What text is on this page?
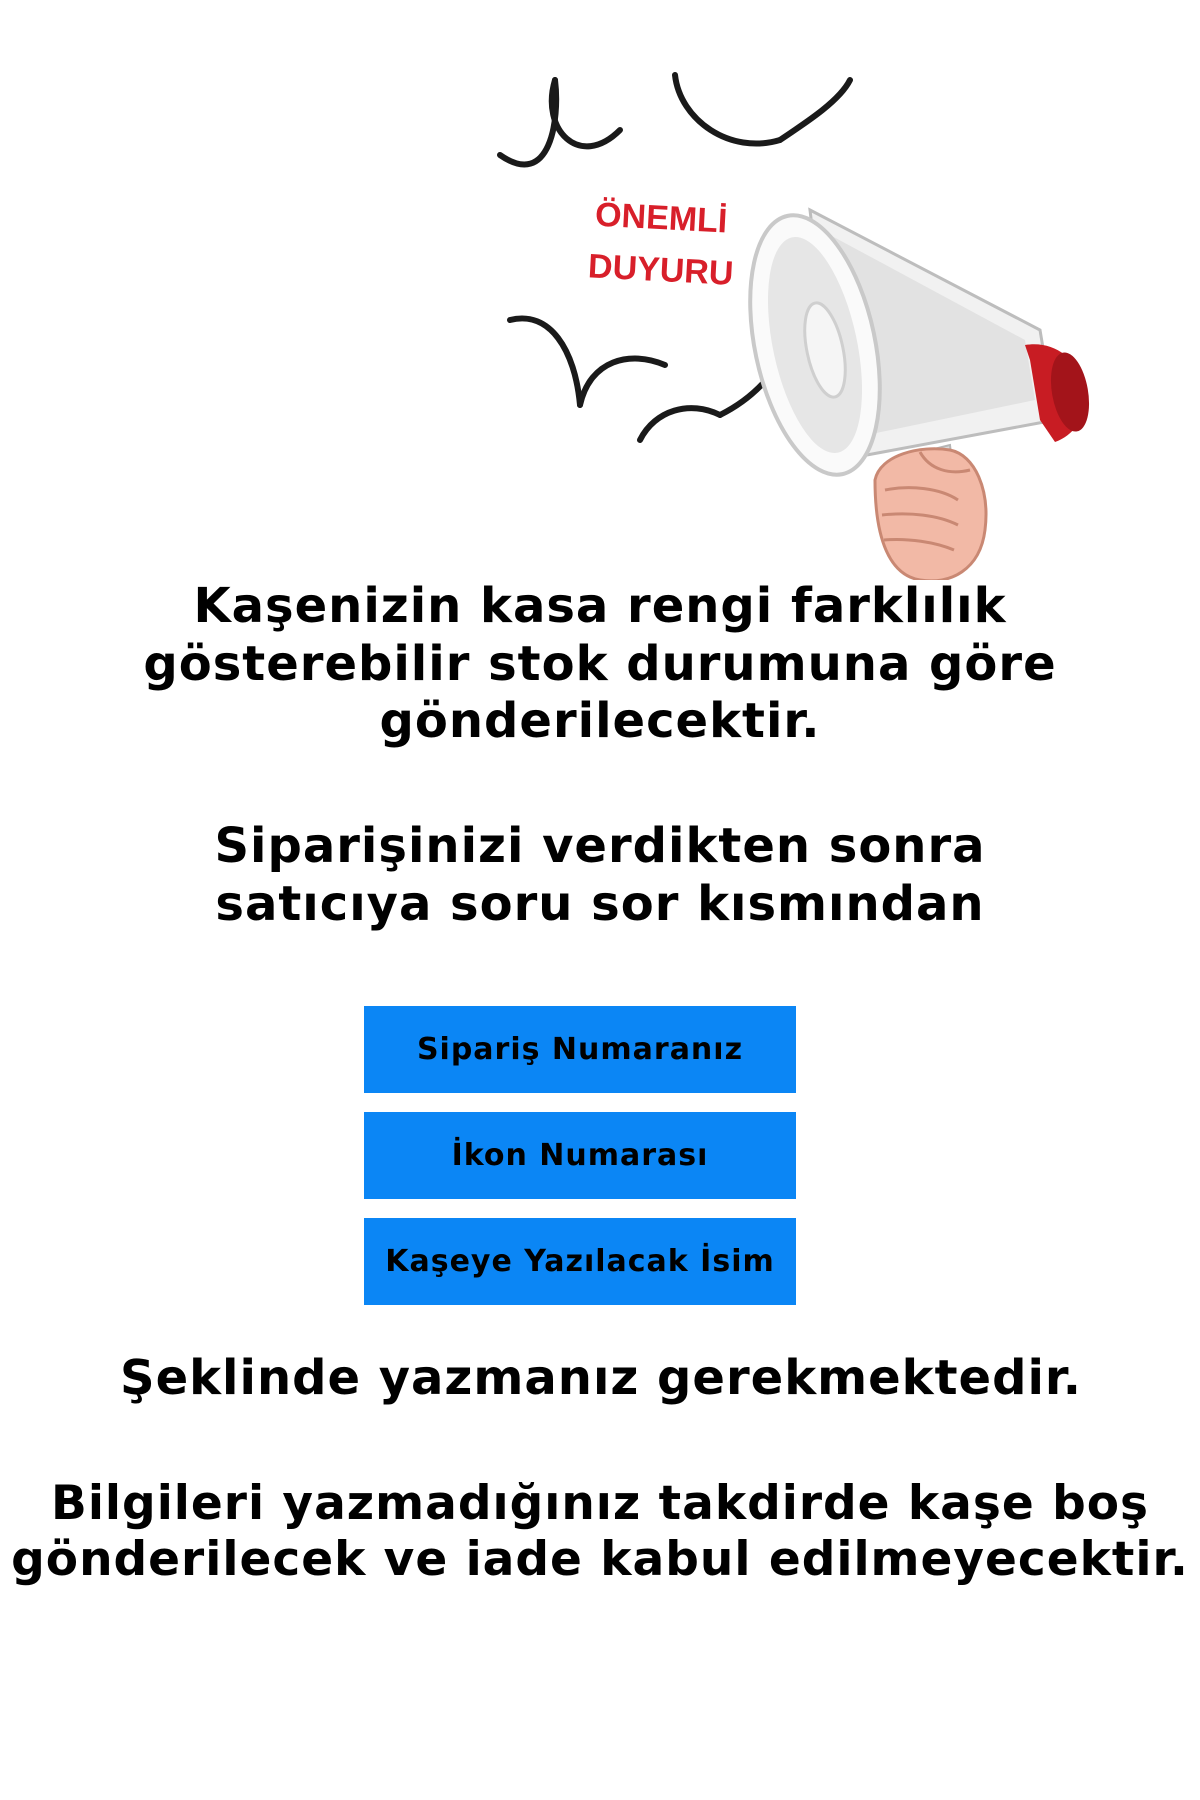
ÖNEMLİ
DUYURU
Kaşenizin kasa rengi farklılık
gösterebilir stok durumuna göre
gönderilecektir.
Siparişinizi verdikten sonra
satıcıya soru sor kısmından
Sipariş Numaranız
İkon Numarası
Kaşeye Yazılacak İsim
Şeklinde yazmanız gerekmektedir.
Bilgileri yazmadığınız takdirde kaşe boş
gönderilecek ve iade kabul edilmeyecektir.
